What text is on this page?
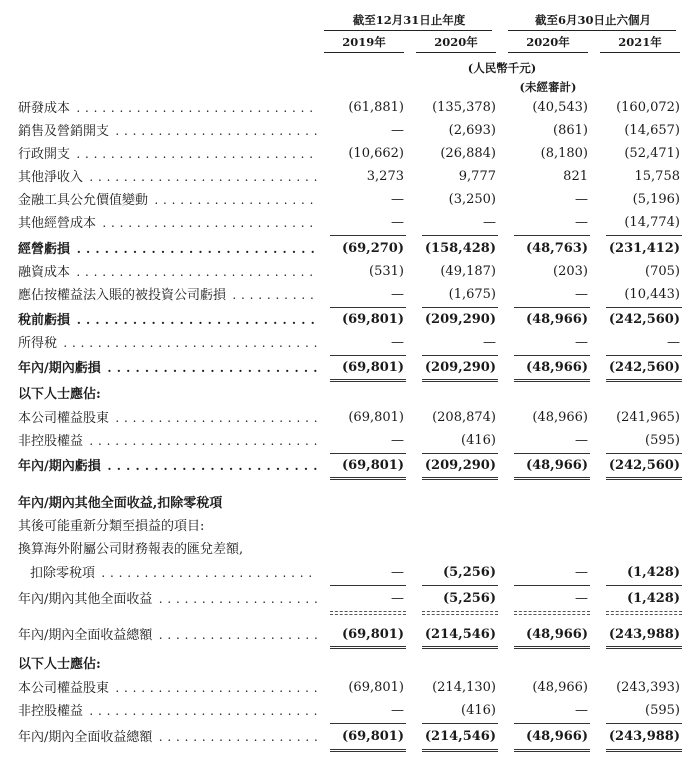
截至12月31日止年度	截至6月30日止六個月
2019年	2020年	2020年	2021年
(人民幣千元)
(未經審計)
研發成本 . . .	(61,881)	(135,378)	(40,543)	(160,072)
銷售及營銷開支 . . .	—	(2,693)	(861)	(14,657)
行政開支 . . .	(10,662)	(26,884)	(8,180)	(52,471)
其他淨收入 . . .	3,273	9,777	821	15,758
金融工具公允價值變動 . . .	—	(3,250)	—	(5,196)
其他經營成本 . . .	—	—	—	(14,774)
經營虧損 . . .	(69,270)	(158,428)	(48,763)	(231,412)
融資成本 . . .	(531)	(49,187)	(203)	(705)
應佔按權益法入賬的被投資公司虧損 . . .	—	(1,675)	—	(10,443)
稅前虧損 . . .	(69,801)	(209,290)	(48,966)	(242,560)
所得稅 . . .	—	—	—	—
年內/期內虧損 . . .	(69,801)	(209,290)	(48,966)	(242,560)
以下人士應佔:
本公司權益股東 . . .	(69,801)	(208,874)	(48,966)	(241,965)
非控股權益 . . .	—	(416)	—	(595)
年內/期內虧損 . . .	(69,801)	(209,290)	(48,966)	(242,560)
年內/期內其他全面收益,扣除零稅項
其後可能重新分類至損益的項目:
換算海外附屬公司財務報表的匯兌差額,
扣除零稅項 . . .	—	(5,256)	—	(1,428)
年內/期內其他全面收益 . . .	—	(5,256)	—	(1,428)
年內/期內全面收益總額 . . .	(69,801)	(214,546)	(48,966)	(243,988)
以下人士應佔:
本公司權益股東 . . .	(69,801)	(214,130)	(48,966)	(243,393)
非控股權益 . . .	—	(416)	—	(595)
年內/期內全面收益總額 . . .	(69,801)	(214,546)	(48,966)	(243,988)
